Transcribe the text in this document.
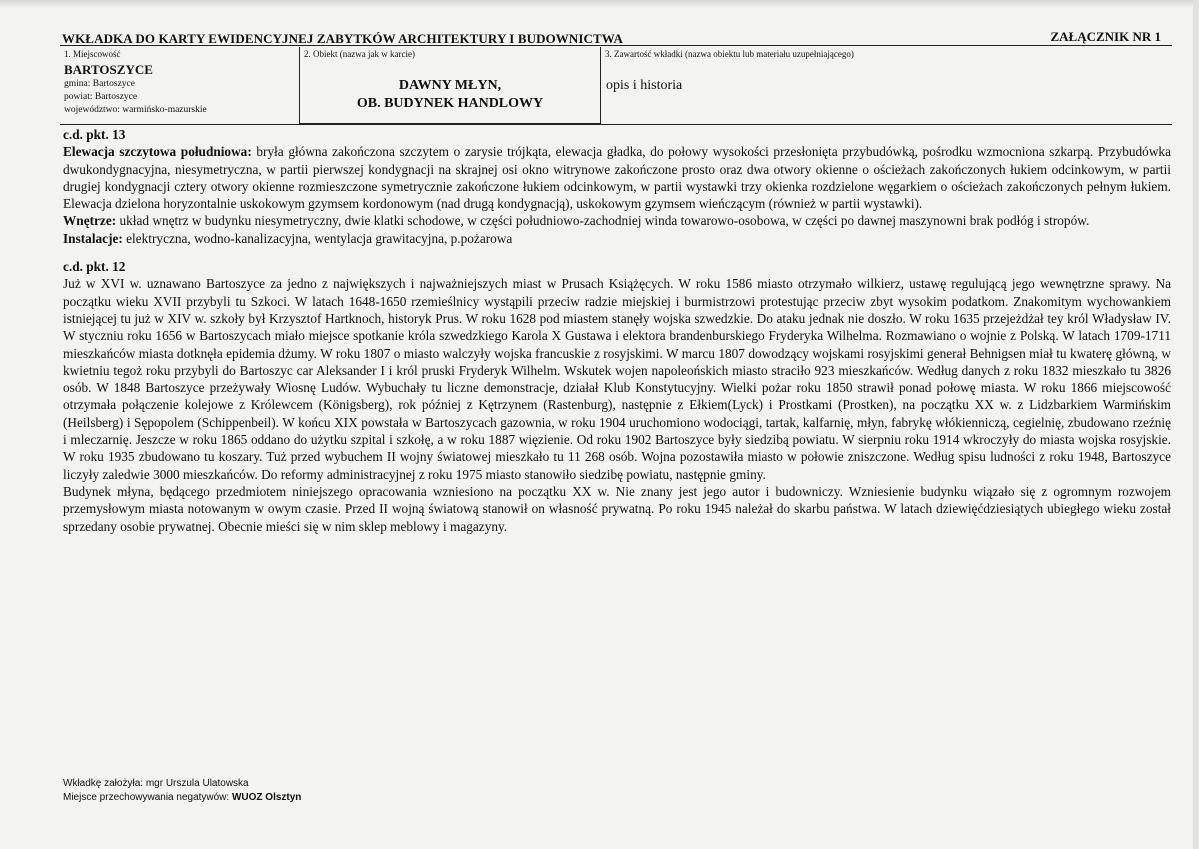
WKŁADKA DO KARTY EWIDENCYJNEJ ZABYTKÓW ARCHITEKTURY I BUDOWNICTWA	ZAŁĄCZNIK NR 1
1. Miejscowość
BARTOSZYCE
gmina: Bartoszyce
powiat: Bartoszyce
województwo: warmińsko-mazurskie
2. Obiekt (nazwa jak w karcie)
DAWNY MŁYN,
OB. BUDYNEK HANDLOWY
3. Zawartość wkładki (nazwa obiektu lub materiału uzupełniającego)
opis i historia

c.d. pkt. 13

Elewacja szczytowa południowa: bryła główna zakończona szczytem o zarysie trójkąta, elewacja gładka, do połowy wysokości przesłonięta przybudówką, pośrodku wzmocniona szkarpą. Przybudówka dwukondygnacyjna, niesymetryczna, w partii pierwszej kondygnacji na skrajnej osi okno witrynowe zakończone prosto oraz dwa otwory okienne o ościeżach zakończonych łukiem odcinkowym, w partii drugiej kondygnacji cztery otwory okienne rozmieszczone symetrycznie zakończone łukiem odcinkowym, w partii wystawki trzy okienka rozdzielone węgarkiem o ościeżach zakończonych pełnym łukiem. Elewacja dzielona horyzontalnie uskokowym gzymsem kordonowym (nad drugą kondygnacją), uskokowym gzymsem wieńczącym (również w partii wystawki).

Wnętrze: układ wnętrz w budynku niesymetryczny, dwie klatki schodowe, w części południowo-zachodniej winda towarowo-osobowa, w części po dawnej maszynowni brak podłóg i stropów.

Instalacje: elektryczna, wodno-kanalizacyjna, wentylacja grawitacyjna, p.pożarowa

c.d. pkt. 12

Już w XVI w. uznawano Bartoszyce za jedno z największych i najważniejszych miast w Prusach Książęcych. W roku 1586 miasto otrzymało wilkierz, ustawę regulującą jego wewnętrzne sprawy. Na początku wieku XVII przybyli tu Szkoci. W latach 1648-1650 rzemieślnicy wystąpili przeciw radzie miejskiej i burmistrzowi protestując przeciw zbyt wysokim podatkom. Znakomitym wychowankiem istniejącej tu już w XIV w. szkoły był Krzysztof Hartknoch, historyk Prus. W roku 1628 pod miastem stanęły wojska szwedzkie. Do ataku jednak nie doszło. W roku 1635 przejeżdżał tey król Władysław IV. W styczniu roku 1656 w Bartoszycach miało miejsce spotkanie króla szwedzkiego Karola X Gustawa i elektora brandenburskiego Fryderyka Wilhelma. Rozmawiano o wojnie z Polską. W latach 1709-1711 mieszkańców miasta dotknęła epidemia dżumy. W roku 1807 o miasto walczyły wojska francuskie z rosyjskimi. W marcu 1807 dowodzący wojskami rosyjskimi generał Behnigsen miał tu kwaterę główną, w kwietniu tegoż roku przybyli do Bartoszyc car Aleksander I i król pruski Fryderyk Wilhelm. Wskutek wojen napoleońskich miasto straciło 923 mieszkańców. Według danych z roku 1832 mieszkało tu 3826 osób. W 1848 Bartoszyce przeżywały Wiosnę Ludów. Wybuchały tu liczne demonstracje, działał Klub Konstytucyjny. Wielki pożar roku 1850 strawił ponad połowę miasta. W roku 1866 miejscowość otrzymała połączenie kolejowe z Królewcem (Königsberg), rok później z Kętrzynem (Rastenburg), następnie z Ełkiem(Lyck) i Prostkami (Prostken), na początku XX w. z Lidzbarkiem Warmińskim (Heilsberg) i Sępopolem (Schippenbeil). W końcu XIX powstała w Bartoszycach gazownia, w roku 1904 uruchomiono wodociągi, tartak, kalfarnię, młyn, fabrykę włókienniczą, cegielnię, zbudowano rzeźnię i mleczarnię. Jeszcze w roku 1865 oddano do użytku szpital i szkołę, a w roku 1887 więzienie. Od roku 1902 Bartoszyce były siedzibą powiatu. W sierpniu roku 1914 wkroczyły do miasta wojska rosyjskie. W roku 1935 zbudowano tu koszary. Tuż przed wybuchem II wojny światowej mieszkało tu 11 268 osób. Wojna pozostawiła miasto w połowie zniszczone. Według spisu ludności z roku 1948, Bartoszyce liczyły zaledwie 3000 mieszkańców. Do reformy administracyjnej z roku 1975 miasto stanowiło siedzibę powiatu, następnie gminy.

Budynek młyna, będącego przedmiotem niniejszego opracowania wzniesiono na początku XX w. Nie znany jest jego autor i budowniczy. Wzniesienie budynku wiązało się z ogromnym rozwojem przemysłowym miasta notowanym w owym czasie. Przed II wojną światową stanowił on własność prywatną. Po roku 1945 należał do skarbu państwa. W latach dziewięćdziesiątych ubiegłego wieku został sprzedany osobie prywatnej. Obecnie mieści się w nim sklep meblowy i magazyny.

Wkładkę założyła: mgr Urszula Ulatowska
Miejsce przechowywania negatywów: WUOZ Olsztyn
